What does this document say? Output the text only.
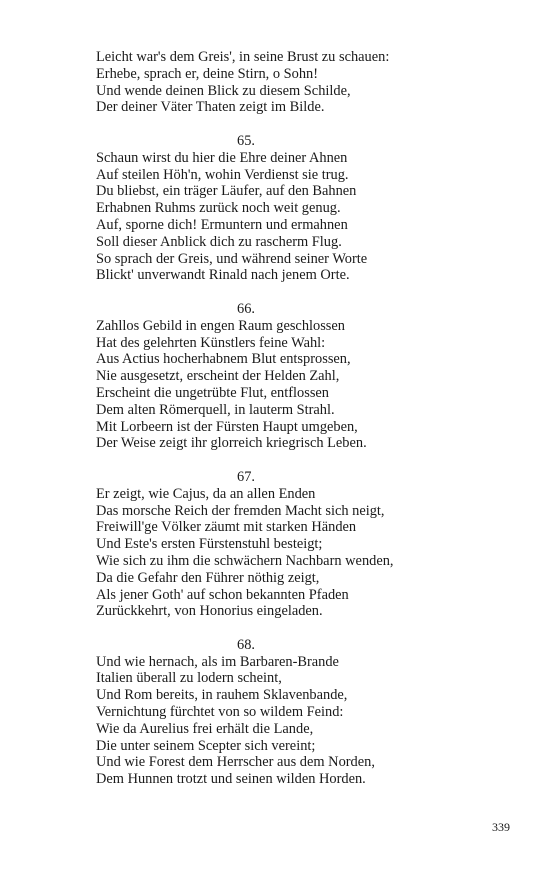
Leicht war's dem Greis', in seine Brust zu schauen:

Erhebe, sprach er, deine Stirn, o Sohn!

Und wende deinen Blick zu diesem Schilde,

Der deiner Väter Thaten zeigt im Bilde.

65.

Schaun wirst du hier die Ehre deiner Ahnen

Auf steilen Höh'n, wohin Verdienst sie trug.

Du bliebst, ein träger Läufer, auf den Bahnen

Erhabnen Ruhms zurück noch weit genug.

Auf, sporne dich! Ermuntern und ermahnen

Soll dieser Anblick dich zu rascherm Flug.

So sprach der Greis, und während seiner Worte

Blickt' unverwandt Rinald nach jenem Orte.

66.

Zahllos Gebild in engen Raum geschlossen

Hat des gelehrten Künstlers feine Wahl:

Aus Actius hocherhabnem Blut entsprossen,

Nie ausgesetzt, erscheint der Helden Zahl,

Erscheint die ungetrübte Flut, entflossen

Dem alten Römerquell, in lauterm Strahl.

Mit Lorbeern ist der Fürsten Haupt umgeben,

Der Weise zeigt ihr glorreich kriegrisch Leben.

67.

Er zeigt, wie Cajus, da an allen Enden

Das morsche Reich der fremden Macht sich neigt,

Freiwill'ge Völker zäumt mit starken Händen

Und Este's ersten Fürstenstuhl besteigt;

Wie sich zu ihm die schwächern Nachbarn wenden,

Da die Gefahr den Führer nöthig zeigt,

Als jener Goth' auf schon bekannten Pfaden

Zurückkehrt, von Honorius eingeladen.

68.

Und wie hernach, als im Barbaren-Brande

Italien überall zu lodern scheint,

Und Rom bereits, in rauhem Sklavenbande,

Vernichtung fürchtet von so wildem Feind:

Wie da Aurelius frei erhält die Lande,

Die unter seinem Scepter sich vereint;

Und wie Forest dem Herrscher aus dem Norden,

Dem Hunnen trotzt und seinen wilden Horden.

339
